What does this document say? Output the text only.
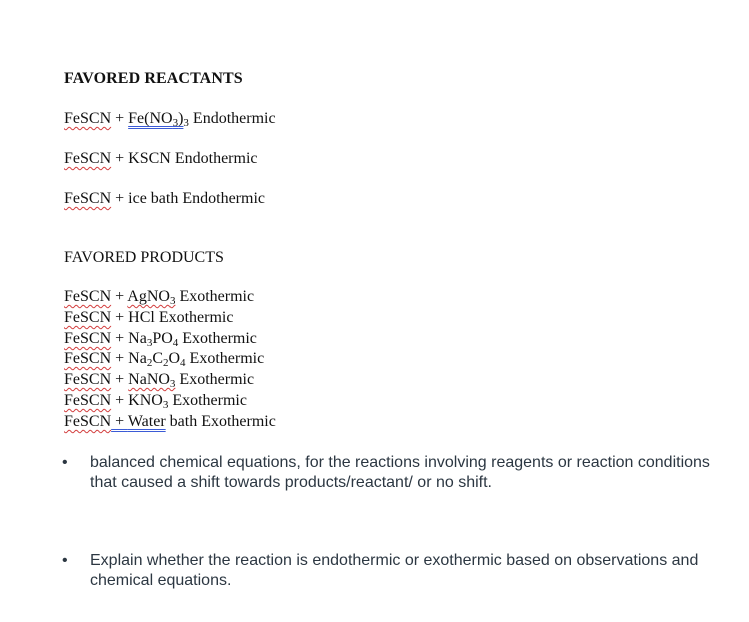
FAVORED REACTANTS
FeSCN + $Fe(NO_3)_3$ Endothermic
FeSCN + KSCN Endothermic
FeSCN + ice bath Endothermic
FAVORED PRODUCTS
FeSCN + AgNO$_3$ Exothermic
FeSCN + HCl Exothermic
FeSCN + $Na_3PO_4$ Exothermic
FeSCN + $Na_2C_2O_4$ Exothermic
FeSCN + NaNO$_3$ Exothermic
FeSCN + $KNO_3$ Exothermic
FeSCN + Water bath Exothermic
•	balanced chemical equations, for the reactions involving reagents or reaction conditions that caused a shift towards products/reactant/ or no shift.
•	Explain whether the reaction is endothermic or exothermic based on observations and chemical equations.
